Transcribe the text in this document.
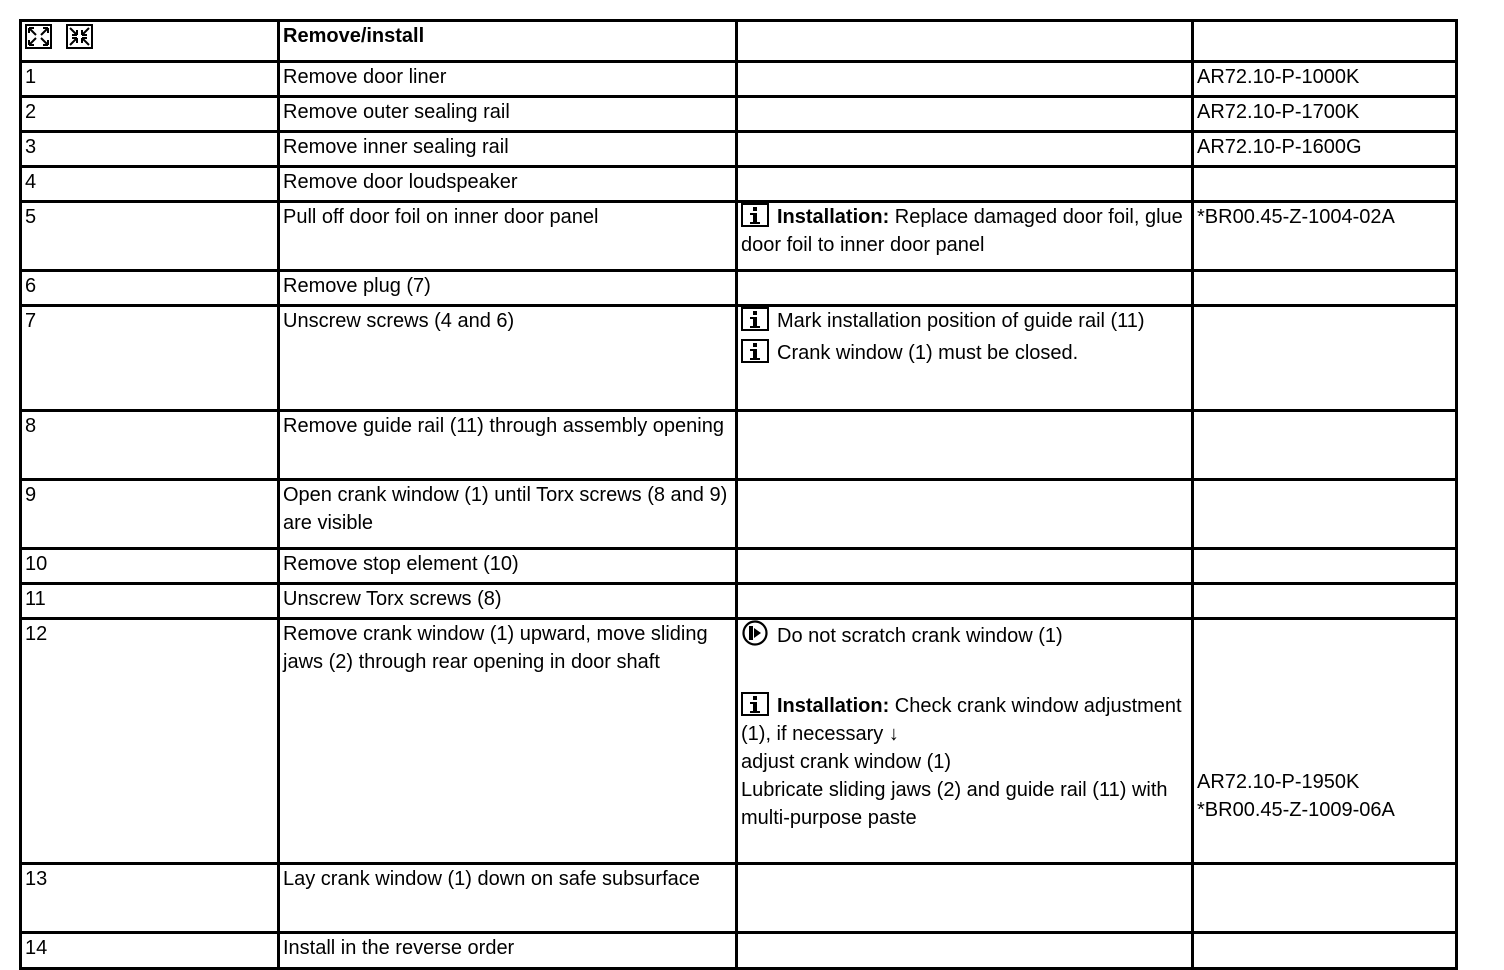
	Remove/install		
1	Remove door liner		AR72.10-P-1000K
2	Remove outer sealing rail		AR72.10-P-1700K
3	Remove inner sealing rail		AR72.10-P-1600G
4	Remove door loudspeaker		
5	Pull off door foil on inner door panel	Installation: Replace damaged door foil, glue door foil to inner door panel	*BR00.45-Z-1004-02A
6	Remove plug (7)		
7	Unscrew screws (4 and 6)	Mark installation position of guide rail (11)
Crank window (1) must be closed.	

8	Remove guide rail (11) through assembly opening		
9	Open crank window (1) until Torx screws (8 and 9) are visible		
10	Remove stop element (10)		
11	Unscrew Torx screws (8)		
12	Remove crank window (1) upward, move sliding jaws (2) through rear opening in door shaft	Do not scratch crank window (1)
Installation: Check crank window adjustment (1), if necessary ↓
adjust crank window (1)
Lubricate sliding jaws (2) and guide rail (11) with multi-purpose paste	AR72.10-P-1950K
*BR00.45-Z-1009-06A

13	Lay crank window (1) down on safe subsurface		
14	Install in the reverse order		
